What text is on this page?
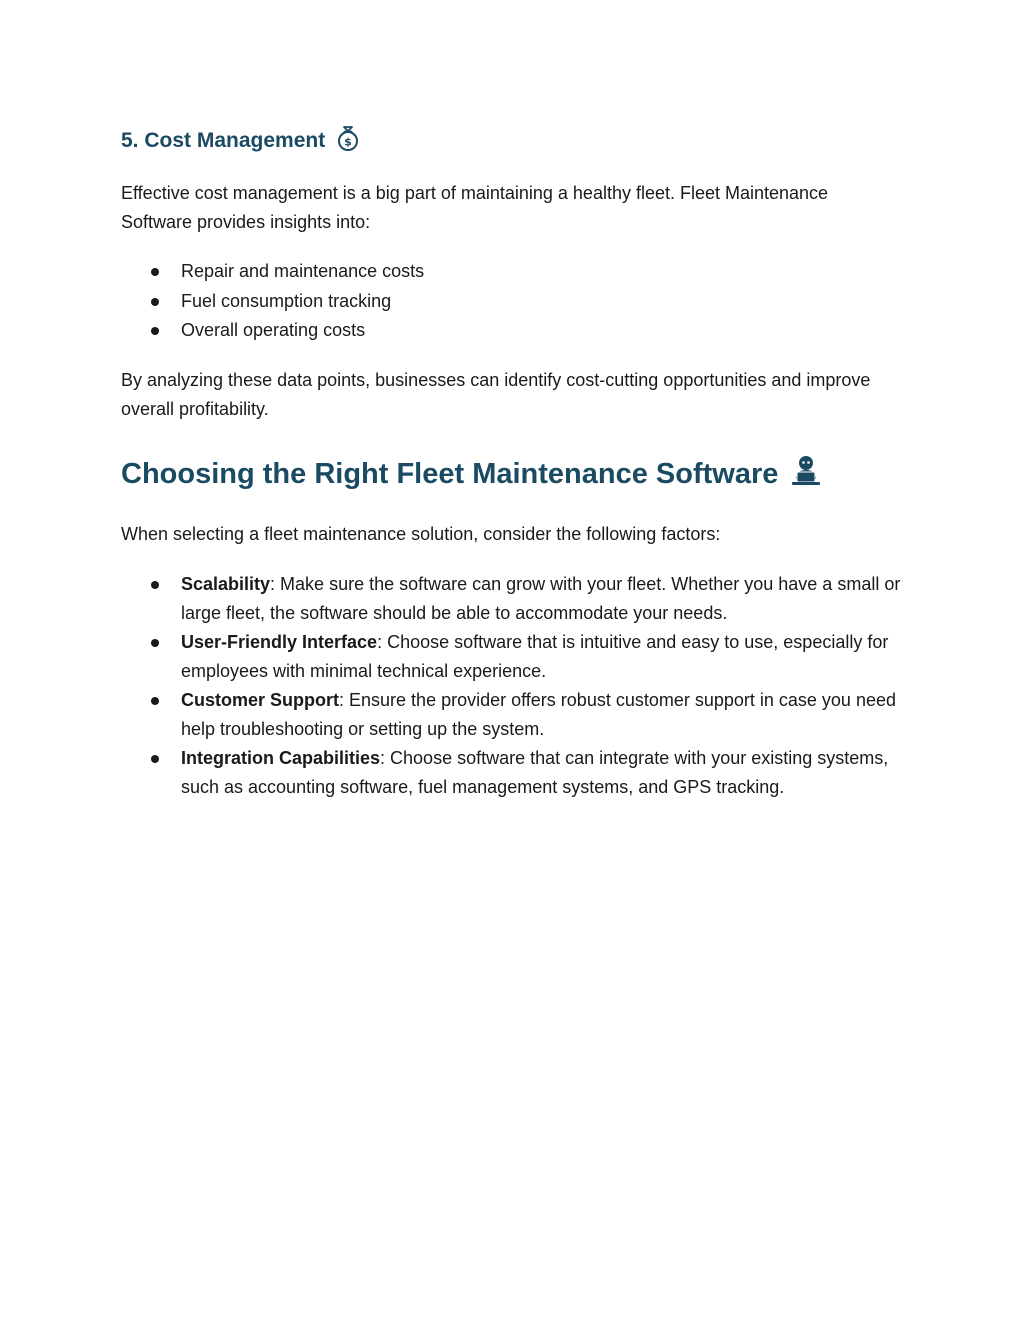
5. Cost Management $

Effective cost management is a big part of maintaining a healthy fleet. Fleet Maintenance Software provides insights into:

Repair and maintenance costs
Fuel consumption tracking
Overall operating costs

By analyzing these data points, businesses can identify cost-cutting opportunities and improve overall profitability.

Choosing the Right Fleet Maintenance Software

When selecting a fleet maintenance solution, consider the following factors:

Scalability: Make sure the software can grow with your fleet. Whether you have a small or large fleet, the software should be able to accommodate your needs.
User-Friendly Interface: Choose software that is intuitive and easy to use, especially for employees with minimal technical experience.
Customer Support: Ensure the provider offers robust customer support in case you need help troubleshooting or setting up the system.
Integration Capabilities: Choose software that can integrate with your existing systems, such as accounting software, fuel management systems, and GPS tracking.
